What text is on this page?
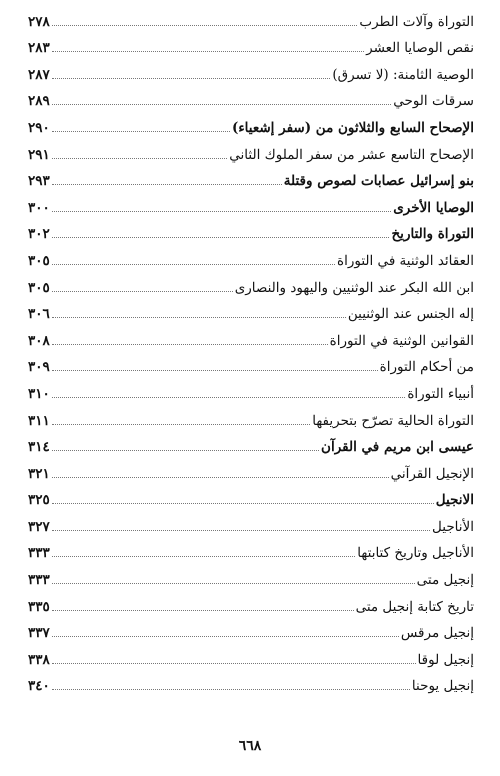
التوراة وآلات الطرب
٢٧٨
نقص الوصايا العشر
٢٨٣
الوصية الثامنة: (لا تسرق)
٢٨٧
سرقات الوحي
٢٨٩
الإصحاح السابع والثلاثون من (سفر إشعياء)
٢٩٠
الإصحاح التاسع عشر من سفر الملوك الثاني
٢٩١
بنو إسرائيل عصابات لصوص وقتلة
٢٩٣
الوصايا الأخرى
٣٠٠
التوراة والتاريخ
٣٠٢
العقائد الوثنية في التوراة
٣٠٥
ابن الله البكر عند الوثنيين واليهود والنصارى
٣٠٥
إله الجنس عند الوثنيين
٣٠٦
القوانين الوثنية في التوراة
٣٠٨
من أحكام التوراة
٣٠٩
أنبياء التوراة
٣١٠
التوراة الحالية تصرّح بتحريفها
٣١١
عيسى ابن مريم في القرآن
٣١٤
الإنجيل القرآني
٣٢١
الانجيل
٣٢٥
الأناجيل
٣٢٧
الأناجيل وتاريخ كتابتها
٣٣٣
إنجيل متى
٣٣٣
تاريخ كتابة إنجيل متى
٣٣٥
إنجيل مرقس
٣٣٧
إنجيل لوقا
٣٣٨
إنجيل يوحنا
٣٤٠
٦٦٨
